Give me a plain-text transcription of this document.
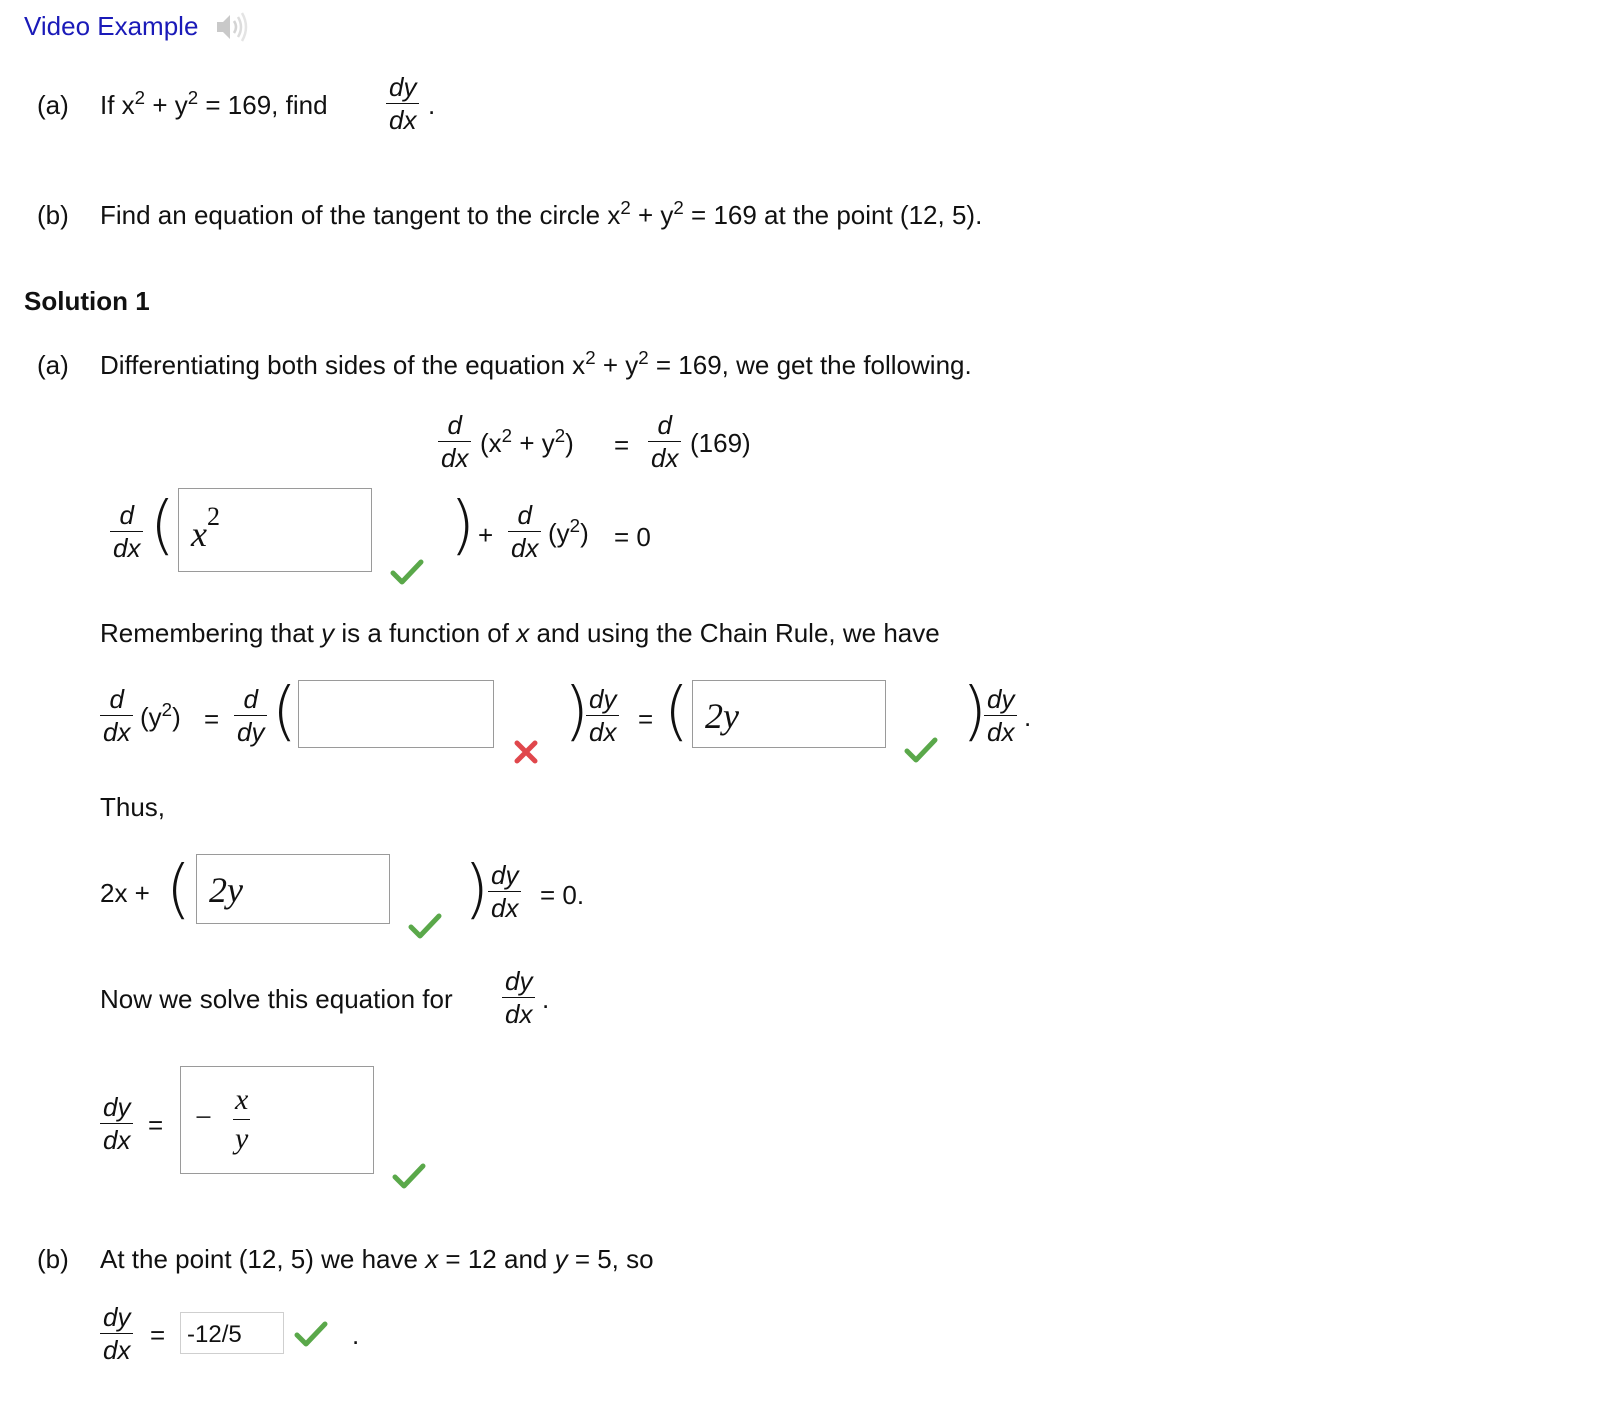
Video Example
(a) If $x^2 + y^2 = 169$, find
dy
dx .
(b) Find an equation of the tangent to the circle $x^2 + y^2 = 169$ at the point (12, 5).
Solution 1
(a) Differentiating both sides of the equation $x^2 + y^2 = 169$, we get the following.
d
dx $(x^2 + y^2)$ =
d
dx (169)
d
dx ( $x^2$	) +
d
dx $(y^2) = 0$
Remembering that y is a function of x and using the Chain Rule, we have
d
dx $(y^2)$ =
d
dy (	) dy
dx = ( 2y	) dy
dx .
Thus,
2x + ( 2y	) dy
dx = 0.
Now we solve this equation for
dy
dx .
dy
dx = −
x
y
(b) At the point (12, 5) we have x = 12 and y = 5, so
dy
dx = -12/5	.
